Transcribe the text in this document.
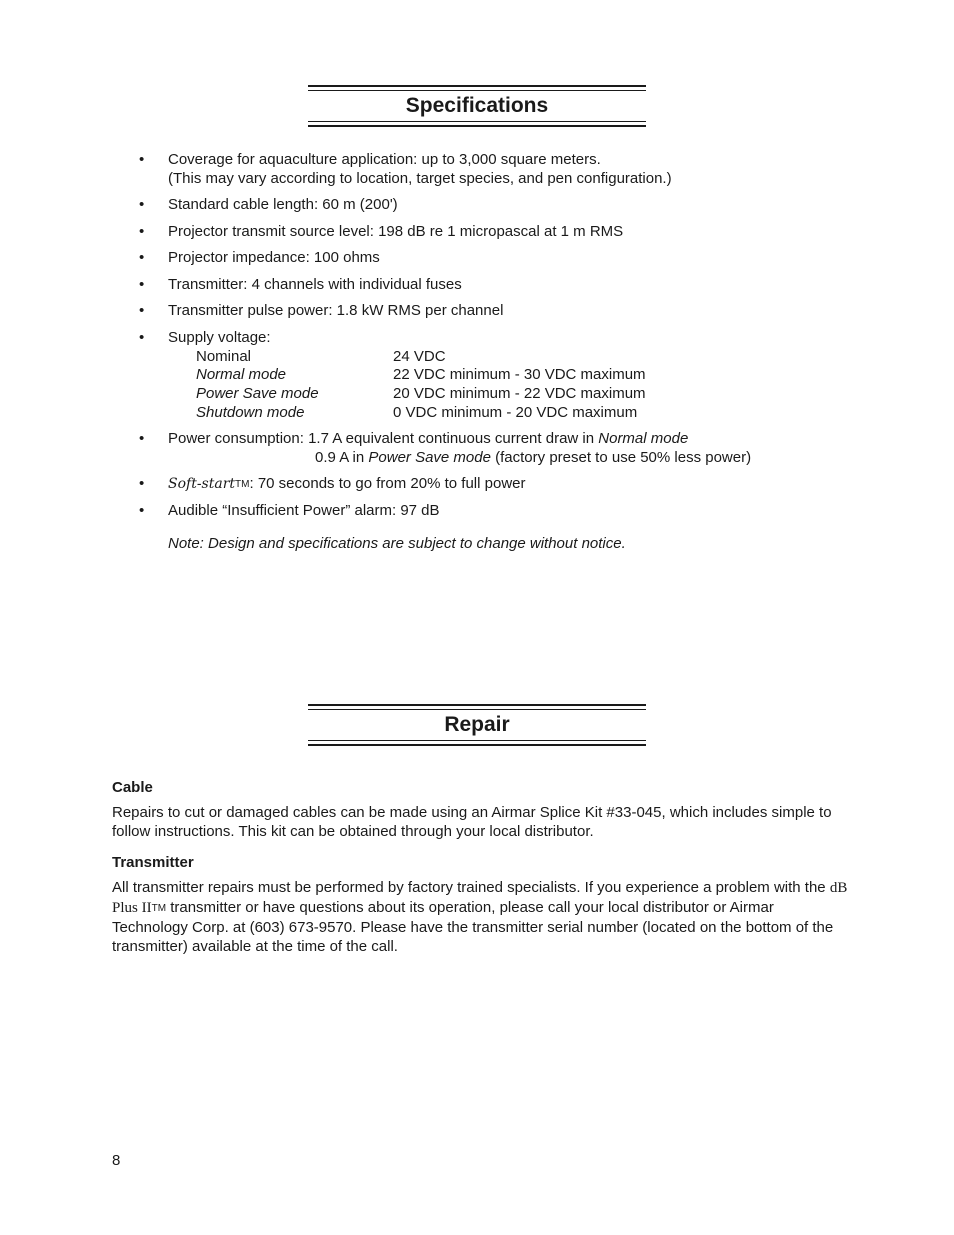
Specifications
• Coverage for aquaculture application: up to 3,000 square meters.
(This may vary according to location, target species, and pen configuration.)
• Standard cable length: 60 m (200')
• Projector transmit source level: 198 dB re 1 micropascal at 1 m RMS
• Projector impedance: 100 ohms
• Transmitter: 4 channels with individual fuses
• Transmitter pulse power: 1.8 kW RMS per channel
• Supply voltage:
Nominal	24 VDC
Normal mode	22 VDC minimum - 30 VDC maximum
Power Save mode	20 VDC minimum - 22 VDC maximum
Shutdown mode	0 VDC minimum - 20 VDC maximum
• Power consumption: 1.7 A equivalent continuous current draw in Normal mode
0.9 A in Power Save mode (factory preset to use 50% less power)
• Soft-startTM: 70 seconds to go from 20% to full power
• Audible “Insufficient Power” alarm: 97 dB
Note: Design and specifications are subject to change without notice.
Repair
Cable

Repairs to cut or damaged cables can be made using an Airmar Splice Kit #33-045, which includes simple to follow instructions. This kit can be obtained through your local distributor.

Transmitter

All transmitter repairs must be performed by factory trained specialists. If you experience a problem with the dB Plus IITM transmitter or have questions about its operation, please call your local distributor or Airmar Technology Corp. at (603) 673-9570. Please have the transmitter serial number (located on the bottom of the transmitter) available at the time of the call.

8
